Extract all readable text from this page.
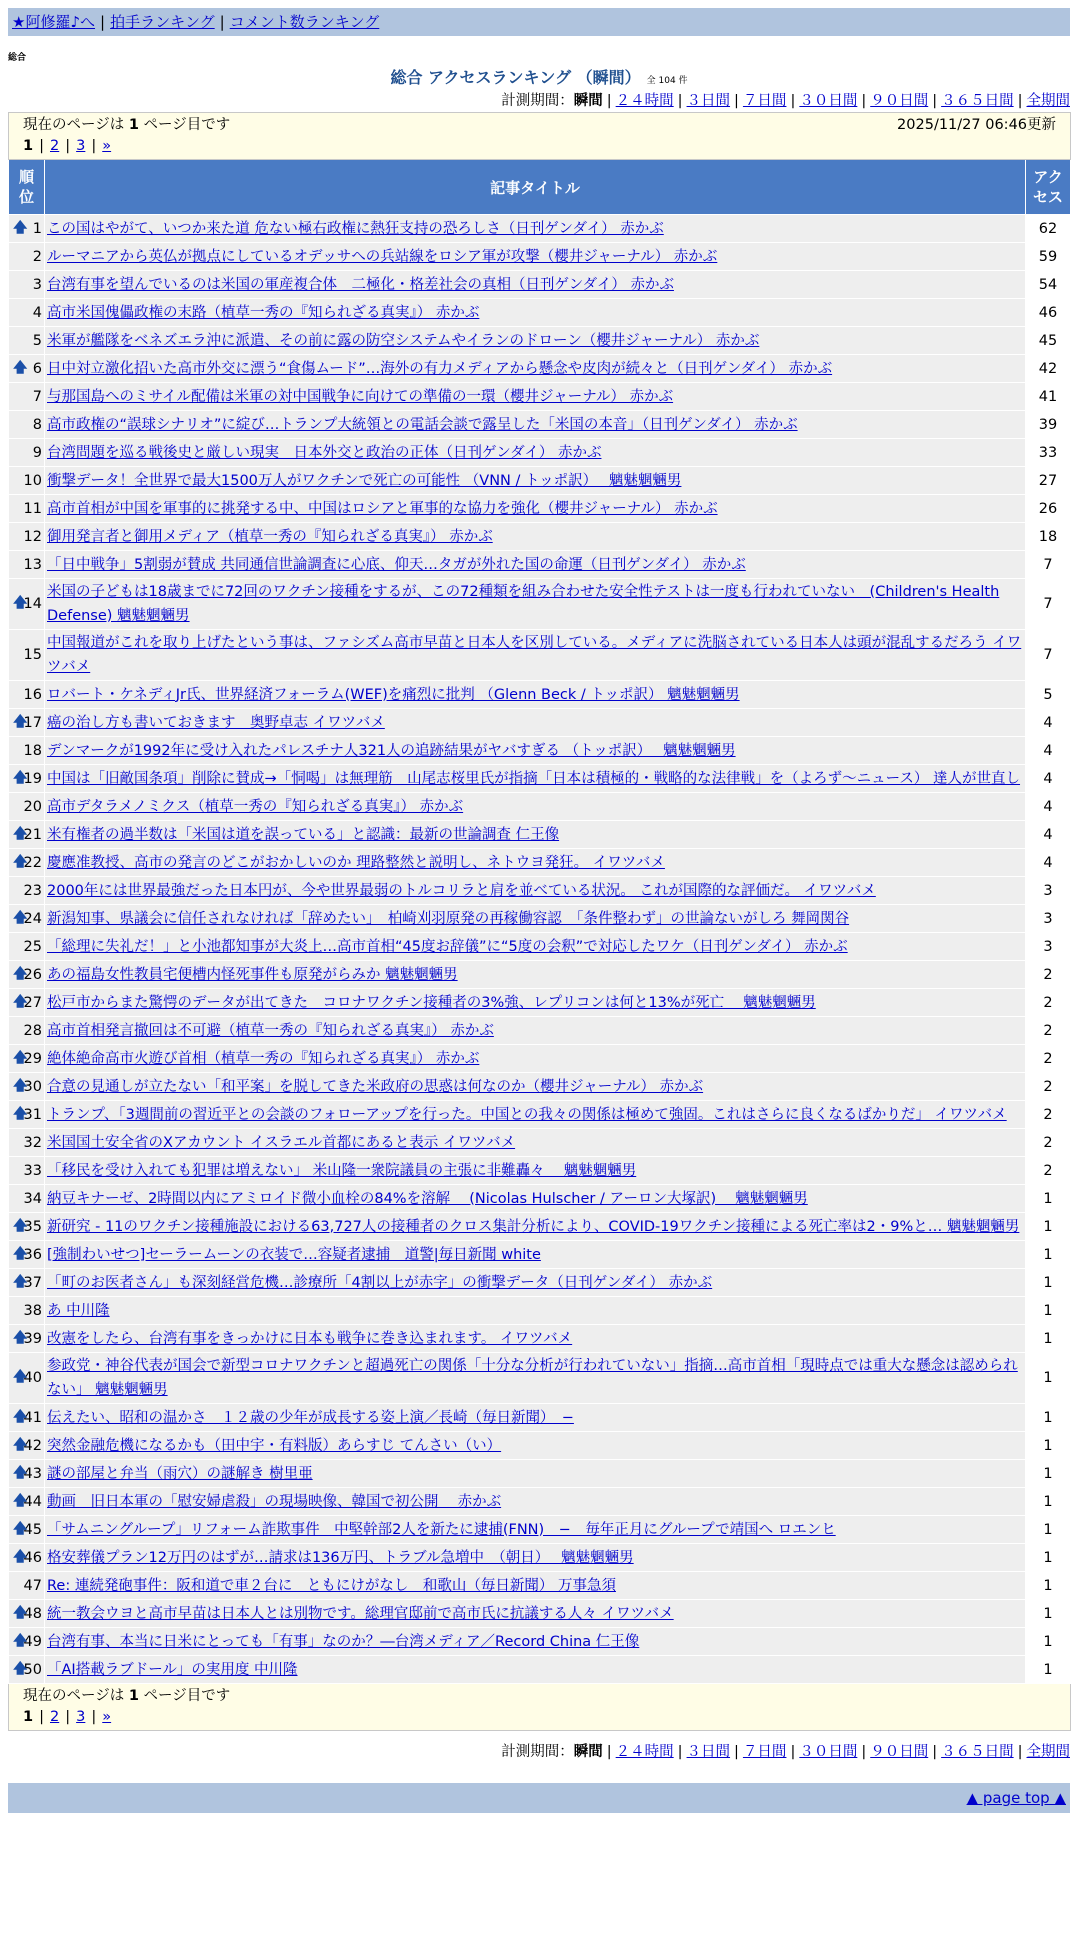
★阿修羅♪へ | 拍手ランキング | コメント数ランキング
総合
総合 アクセスランキング （瞬間） 全 104 件
計測期間：瞬間 | ２４時間 | ３日間 | ７日間 | ３０日間 | ９０日間 | ３６５日間 | 全期間
現在のページは 1 ページ目です 2025/11/27 06:46更新
1 | 2 | 3 | »		

順位	記事タイトル	アクセス

🡅 1	この国はやがて、いつか来た道 危ない極右政権に熱狂支持の恐ろしさ（日刊ゲンダイ） 赤かぶ	62
2	ルーマニアから英仏が拠点にしているオデッサへの兵站線をロシア軍が攻撃（櫻井ジャーナル） 赤かぶ	59
3	台湾有事を望んでいるのは米国の軍産複合体　二極化・格差社会の真相（日刊ゲンダイ） 赤かぶ	54
4	高市米国傀儡政権の末路（植草一秀の『知られざる真実』） 赤かぶ	46
5	米軍が艦隊をベネズエラ沖に派遣、その前に露の防空システムやイランのドローン（櫻井ジャーナル） 赤かぶ	45

🡅 6	日中対立激化招いた高市外交に漂う“食傷ムード”…海外の有力メディアから懸念や皮肉が続々と（日刊ゲンダイ） 赤かぶ	42
7	与那国島へのミサイル配備は米軍の対中国戦争に向けての準備の一環（櫻井ジャーナル） 赤かぶ	41
8	高市政権の“誤球シナリオ”に綻び…トランプ大統領との電話会談で露呈した「米国の本音」（日刊ゲンダイ） 赤かぶ	39
9	台湾問題を巡る戦後史と厳しい現実　日本外交と政治の正体（日刊ゲンダイ） 赤かぶ	33
10	衝撃データ！全世界で最大1500万人がワクチンで死亡の可能性 （VNN / トッポ訳）　 魑魅魍魎男	27
11	高市首相が中国を軍事的に挑発する中、中国はロシアと軍事的な協力を強化（櫻井ジャーナル） 赤かぶ	26
12	御用発言者と御用メディア（植草一秀の『知られざる真実』） 赤かぶ	18
13	「日中戦争」5割弱が賛成 共同通信世論調査に心底、仰天…タガが外れた国の命運（日刊ゲンダイ） 赤かぶ	7

🡅
14	米国の子どもは18歳までに72回のワクチン接種をするが、この72種類を組み合わせた安全性テストは一度も行われていない　(Children's Health Defense) 魑魅魍魎男	7
15	中国報道がこれを取り上げたという事は、ファシズム高市早苗と日本人を区別している。メディアに洗脳されている日本人は頭が混乱するだろう イワツバメ	7
16	ロバート・ケネディJr氏、世界経済フォーラム(WEF)を痛烈に批判 （Glenn Beck / トッポ訳） 魑魅魍魎男	5

🡅
17	癌の治し方も書いておきます　奥野卓志 イワツバメ	4
18	デンマークが1992年に受け入れたパレスチナ人321人の追跡結果がヤバすぎる （トッポ訳）　 魑魅魍魎男	4

🡅
19	中国は「旧敵国条項」削除に賛成→「恫喝」は無理筋　山尾志桜里氏が指摘「日本は積極的・戦略的な法律戦」を（よろず〜ニュース） 達人が世直し	4
20	高市デタラメノミクス（植草一秀の『知られざる真実』） 赤かぶ	4

🡅
21	米有権者の過半数は「米国は道を誤っている」と認識：最新の世論調査 仁王像	4

🡅
22	慶應准教授、高市の発言のどこがおかしいのか 理路整然と説明し、ネトウヨ発狂。 イワツバメ	4
23	2000年には世界最強だった日本円が、今や世界最弱のトルコリラと肩を並べている状況。 これが国際的な評価だ。 イワツバメ	3

🡅
24	新潟知事、県議会に信任されなければ「辞めたい」　柏崎刈羽原発の再稼働容認　「条件整わず」の世論ないがしろ 舞岡関谷	3
25	「総理に失礼だ！」と小池都知事が大炎上…高市首相“45度お辞儀”に“5度の会釈”で対応したワケ（日刊ゲンダイ） 赤かぶ	3

🡅
26	あの福島女性教員宅便槽内怪死事件も原発がらみか 魑魅魍魎男	2

🡅
27	松戸市からまた驚愕のデータが出てきた　コロナワクチン接種者の3%強、レプリコンは何と13%が死亡　 魑魅魍魎男	2
28	高市首相発言撤回は不可避（植草一秀の『知られざる真実』） 赤かぶ	2

🡅
29	絶体絶命高市火遊び首相（植草一秀の『知られざる真実』） 赤かぶ	2

🡅
30	合意の見通しが立たない「和平案」を脱してきた米政府の思惑は何なのか（櫻井ジャーナル） 赤かぶ	2

🡅
31	トランプ、「3週間前の習近平との会談のフォローアップを行った。中国との我々の関係は極めて強固。これはさらに良くなるばかりだ」 イワツバメ	2
32	米国国土安全省のXアカウント イスラエル首都にあると表示 イワツバメ	2
33	「移民を受け入れても犯罪は増えない」 米山隆一衆院議員の主張に非難轟々　 魑魅魍魎男	2
34	納豆キナーゼ、2時間以内にアミロイド微小血栓の84%を溶解　 (Nicolas Hulscher / アーロン大塚訳)　 魑魅魍魎男	1

🡅
35	新研究 - 11のワクチン接種施設における63,727人の接種者のクロス集計分析により、COVID-19ワクチン接種による死亡率は2・9%と… 魑魅魍魎男	1

🡅
36	[強制わいせつ]セーラームーンの衣装で…容疑者逮捕　道警|毎日新聞 white	1

🡅
37	「町のお医者さん」も深刻経営危機…診療所「4割以上が赤字」の衝撃データ（日刊ゲンダイ） 赤かぶ	1
38	あ 中川隆	1

🡅
39	改憲をしたら、台湾有事をきっかけに日本も戦争に巻き込まれます。 イワツバメ	1

🡅
40	参政党・神谷代表が国会で新型コロナワクチンと超過死亡の関係「十分な分析が行われていない」指摘…高市首相「現時点では重大な懸念は認められない」 魑魅魍魎男	1

🡅
41	伝えたい、昭和の温かさ　１２歳の少年が成長する姿上演／長崎（毎日新聞）　−	1

🡅
42	突然金融危機になるかも（田中宇・有料版）あらすじ てんさい（い）	1

🡅
43	謎の部屋と弁当（雨穴）の謎解き 樹里亜	1

🡅
44	動画　旧日本軍の「慰安婦虐殺」の現場映像、韓国で初公開　 赤かぶ	1

🡅
45	「サムニングループ」リフォーム詐欺事件　中堅幹部2人を新たに逮捕(FNN)　−　毎年正月にグループで靖国へ ロエンヒ	1

🡅
46	格安葬儀プラン12万円のはずが…請求は136万円、トラブル急増中　（朝日）　 魑魅魍魎男	1
47	Re: 連続発砲事件：阪和道で車２台に　ともにけがなし　和歌山（毎日新聞） 万事急須	1

🡅
48	統一教会ウヨと高市早苗は日本人とは別物です。総理官邸前で高市氏に抗議する人々 イワツバメ	1

🡅
49	台湾有事、本当に日米にとっても「有事」なのか？―台湾メディア／Record China 仁王像	1

🡅
50	「AI搭載ラブドール」の実用度 中川隆	1

現在のページは 1 ページ目です
1 | 2 | 3 | »		
計測期間：瞬間 | ２４時間 | ３日間 | ７日間 | ３０日間 | ９０日間 | ３６５日間 | 全期間
▲ page top ▲
